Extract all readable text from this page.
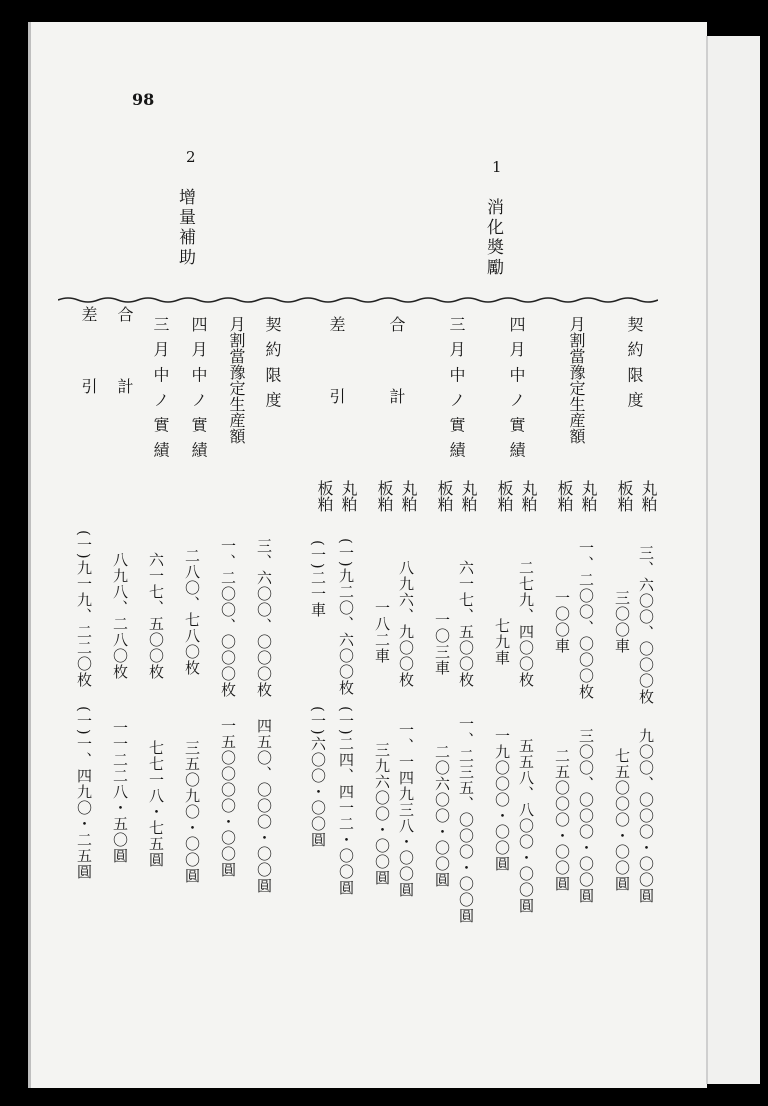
98
1
消化奬勵
2
增量補助
契 約 限 度
丸粕
板粕
三、六〇〇、〇〇〇枚
三〇〇車
九〇〇、〇〇〇・〇〇圓
七五〇〇〇・〇〇圓
月割當豫定生産額
丸粕
板粕
一、二〇〇、〇〇〇枚
一〇〇車
三〇〇、〇〇〇・〇〇圓
二五〇〇〇・〇〇圓
四 月 中 ノ 實 績
丸粕
板粕
二七九、四〇〇枚
七九車
五五八、八〇〇・〇〇圓
一九〇〇〇・〇〇圓
三 月 中 ノ 實 績
丸粕
板粕
六一七、五〇〇枚
一〇三車
一、二三五、〇〇〇・〇〇圓
二〇六〇〇・〇〇圓
合　　　計
丸粕
板粕
八九六、九〇〇枚
一八二車
一、一四九三八・〇〇圓
三九六〇〇・〇〇圓
差　　　引
丸粕
板粕
(一)九二〇、六〇〇枚
(一)二一車
(一)二四、四一二・〇〇圓
(一)六〇〇・〇〇圓
契 約 限 度
三、六〇〇、〇〇〇枚
四五〇、〇〇〇・〇〇圓
月割當豫定生産額
一、二〇〇、〇〇〇枚
一五〇〇〇〇・〇〇圓
四 月 中 ノ 實 績
二八〇、七八〇枚
三五〇九〇・〇〇圓
三 月 中 ノ 實 績
六一七、五〇〇枚
七七一八・七五圓
合　　　計
八九八、二八〇枚
一一二二八・五〇圓
差　　　引
(一)九一九、二二〇枚
(一)一、四九〇・二五圓
